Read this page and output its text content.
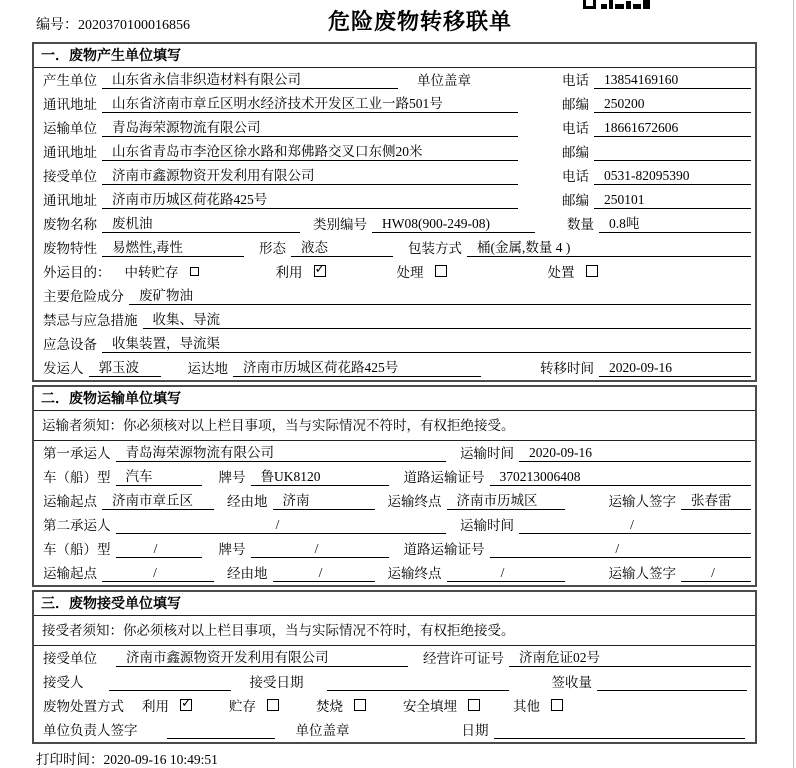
编号：2020370100016856	危险废物转移联单
一．废物产生单位填写
产生单位	山东省永信非织造材料有限公司	单位盖章	电话	13854169160
通讯地址	山东省济南市章丘区明水经济技术开发区工业一路501号	邮编	250200
运输单位	青岛海荣源物流有限公司	电话	18661672606
通讯地址	山东省青岛市李沧区徐水路和郑佛路交叉口东侧20米	邮编
接受单位	济南市鑫源物资开发利用有限公司	电话	0531-82095390
通讯地址	济南市历城区荷花路425号	邮编	250101
废物名称	废机油	类别编号	HW08(900-249-08)	数量	0.8吨
废物特性	易燃性,毒性	形态	液态	包装方式	桶(金属,数量 4 )
外运目的：	中转贮存	利用 ✓	处理	处置
主要危险成分	废矿物油
禁忌与应急措施	收集、导流
应急设备	收集装置，导流渠
发运人	郭玉波	运达地	济南市历城区荷花路425号	转移时间	2020-09-16
二．废物运输单位填写
运输者须知：你必须核对以上栏目事项，当与实际情况不符时，有权拒绝接受。
第一承运人	青岛海荣源物流有限公司	运输时间	2020-09-16
车（船）型	汽车	牌号	鲁UK8120	道路运输证号	370213006408
运输起点	济南市章丘区	经由地	济南	运输终点	济南市历城区	运输人签字	张春雷
第二承运人	/	运输时间	/
车（船）型	/	牌号	/	道路运输证号	/
运输起点	/	经由地	/	运输终点	/	运输人签字	/
三．废物接受单位填写
接受者须知：你必须核对以上栏目事项，当与实际情况不符时，有权拒绝接受。
接受单位	济南市鑫源物资开发利用有限公司	经营许可证号	济南危证02号
接受人	接受日期	签收量
废物处置方式	利用 ✓	贮存	焚烧	安全填埋	其他
单位负责人签字	单位盖章	日期
打印时间：2020-09-16 10:49:51
